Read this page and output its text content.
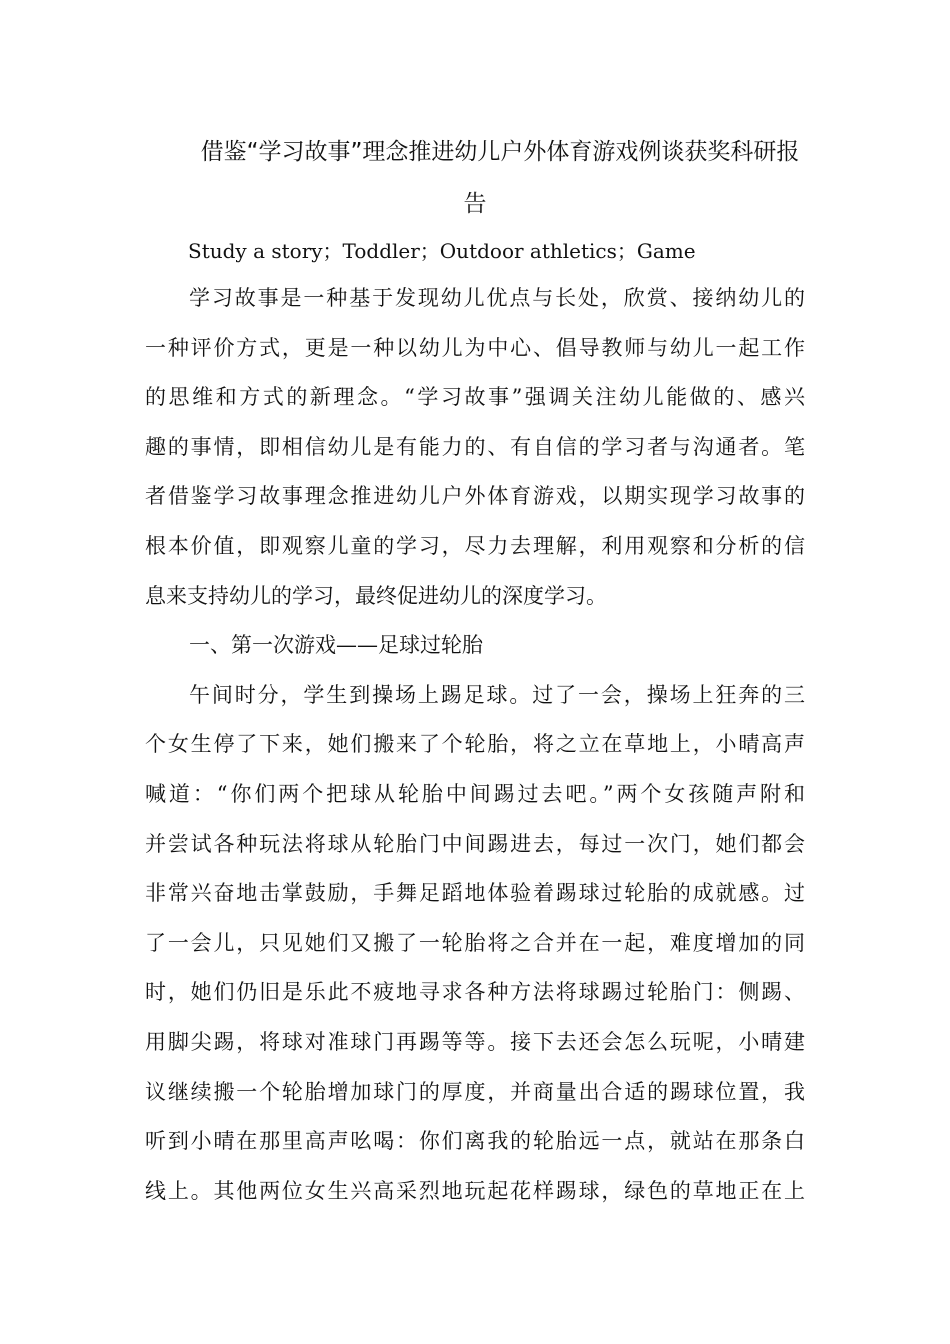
借鉴“学习故事”理念推进幼儿户外体育游戏例谈获奖科研报
告

Study a story；Toddler；Outdoor athletics；Game

学习故事是一种基于发现幼儿优点与长处，欣赏、接纳幼儿的
一种评价方式，更是一种以幼儿为中心、倡导教师与幼儿一起工作
的思维和方式的新理念。“学习故事”强调关注幼儿能做的、感兴
趣的事情，即相信幼儿是有能力的、有自信的学习者与沟通者。笔
者借鉴学习故事理念推进幼儿户外体育游戏，以期实现学习故事的
根本价值，即观察儿童的学习，尽力去理解，利用观察和分析的信
息来支持幼儿的学习，最终促进幼儿的深度学习。
一、第一次游戏——足球过轮胎
午间时分，学生到操场上踢足球。过了一会，操场上狂奔的三
个女生停了下来，她们搬来了个轮胎，将之立在草地上，小晴高声
喊道：“你们两个把球从轮胎中间踢过去吧。”两个女孩随声附和
并尝试各种玩法将球从轮胎门中间踢进去，每过一次门，她们都会
非常兴奋地击掌鼓励，手舞足蹈地体验着踢球过轮胎的成就感。过
了一会儿，只见她们又搬了一轮胎将之合并在一起，难度增加的同
时，她们仍旧是乐此不疲地寻求各种方法将球踢过轮胎门：侧踢、
用脚尖踢，将球对准球门再踢等等。接下去还会怎么玩呢，小晴建
议继续搬一个轮胎增加球门的厚度，并商量出合适的踢球位置，我
听到小晴在那里高声吆喝：你们离我的轮胎远一点，就站在那条白
线上。其他两位女生兴高采烈地玩起花样踢球，绿色的草地正在上
